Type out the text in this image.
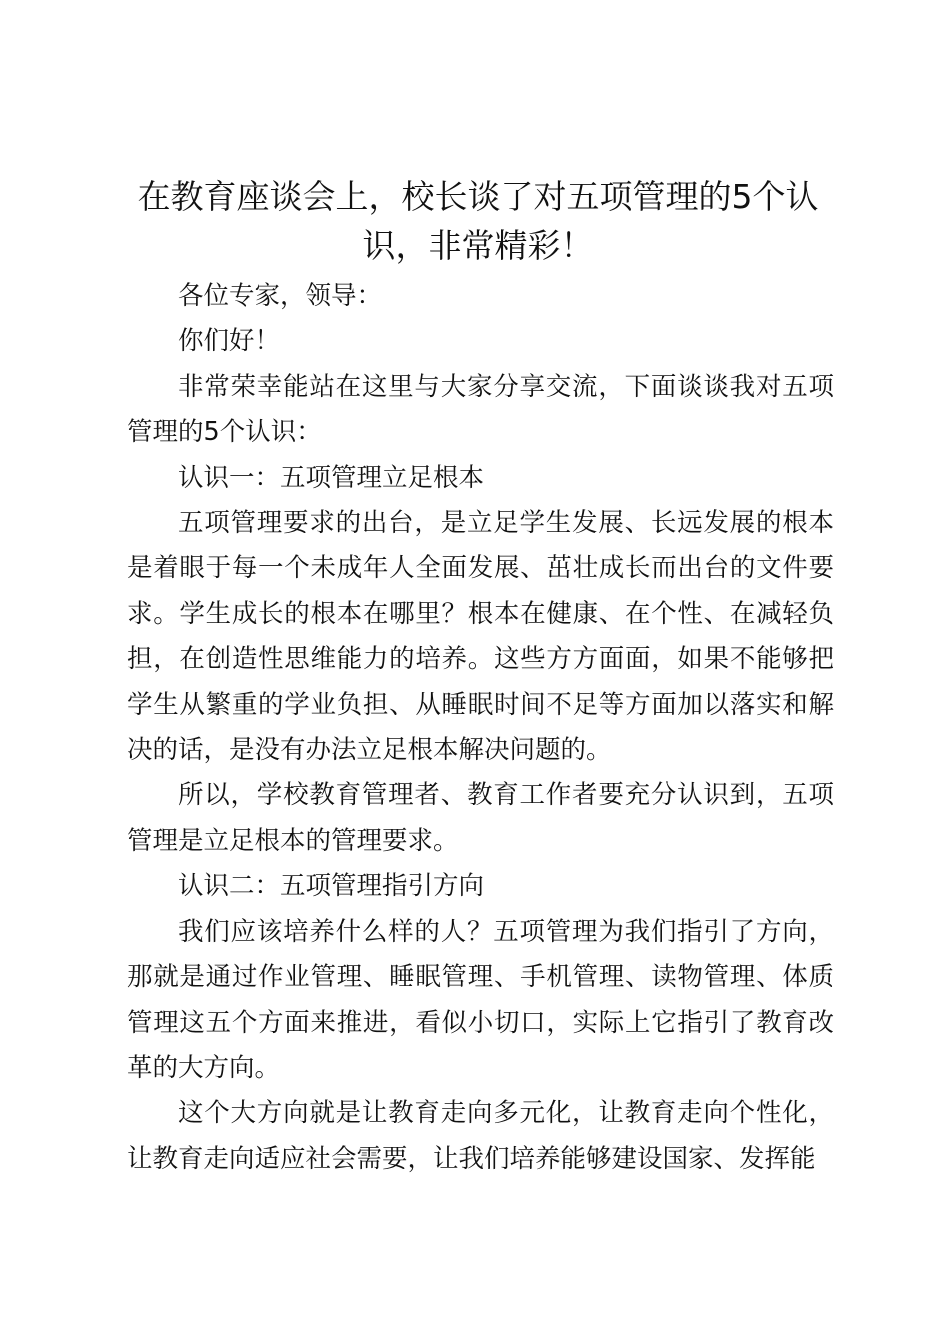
在教育座谈会上，校长谈了对五项管理的5个认识，非常精彩！

各位专家，领导：

你们好！

非常荣幸能站在这里与大家分享交流，下面谈谈我对五项管理的5个认识：

认识一：五项管理立足根本

五项管理要求的出台，是立足学生发展、长远发展的根本是着眼于每一个未成年人全面发展、茁壮成长而出台的文件要求。学生成长的根本在哪里？根本在健康、在个性、在减轻负担，在创造性思维能力的培养。这些方方面面，如果不能够把学生从繁重的学业负担、从睡眠时间不足等方面加以落实和解决的话，是没有办法立足根本解决问题的。

所以，学校教育管理者、教育工作者要充分认识到，五项管理是立足根本的管理要求。

认识二：五项管理指引方向

我们应该培养什么样的人？五项管理为我们指引了方向，那就是通过作业管理、睡眠管理、手机管理、读物管理、体质管理这五个方面来推进，看似小切口，实际上它指引了教育改革的大方向。

这个大方向就是让教育走向多元化，让教育走向个性化，让教育走向适应社会需要，让我们培养能够建设国家、发挥能
